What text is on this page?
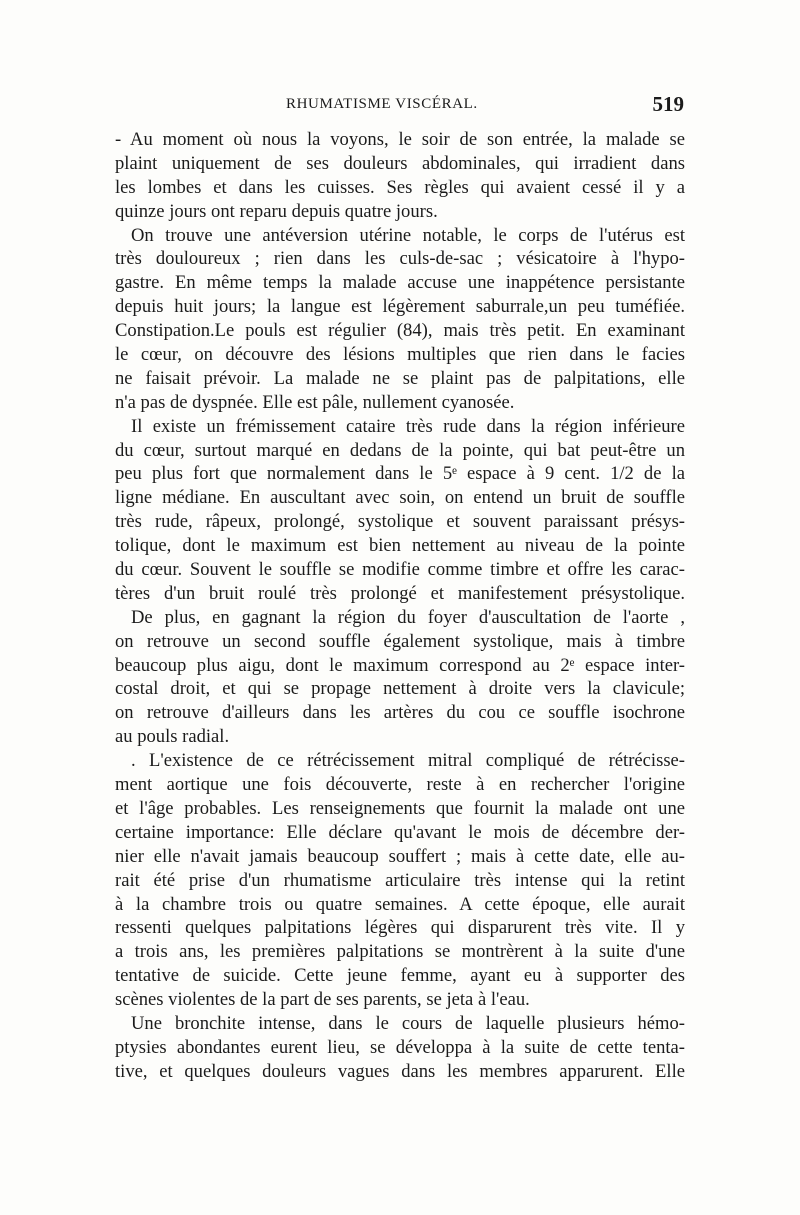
RHUMATISME VISCÉRAL.	519
- Au moment où nous la voyons, le soir de son entrée, la malade se
plaint uniquement de ses douleurs abdominales, qui irradient dans
les lombes et dans les cuisses. Ses règles qui avaient cessé il y a
quinze jours ont reparu depuis quatre jours.
On trouve une antéversion utérine notable, le corps de l'utérus est
très douloureux ; rien dans les culs-de-sac ; vésicatoire à l'hypo-
gastre. En même temps la malade accuse une inappétence persistante
depuis huit jours; la langue est légèrement saburrale,un peu tuméfiée.
Constipation.Le pouls est régulier (84), mais très petit. En examinant
le cœur, on découvre des lésions multiples que rien dans le facies
ne faisait prévoir. La malade ne se plaint pas de palpitations, elle
n'a pas de dyspnée. Elle est pâle, nullement cyanosée.
Il existe un frémissement cataire très rude dans la région inférieure
du cœur, surtout marqué en dedans de la pointe, qui bat peut-être un
peu plus fort que normalement dans le 5ᵉ espace à 9 cent. 1/2 de la
ligne médiane. En auscultant avec soin, on entend un bruit de souffle
très rude, râpeux, prolongé, systolique et souvent paraissant présys-
tolique, dont le maximum est bien nettement au niveau de la pointe
du cœur. Souvent le souffle se modifie comme timbre et offre les carac-
tères d'un bruit roulé très prolongé et manifestement présystolique.
De plus, en gagnant la région du foyer d'auscultation de l'aorte ,
on retrouve un second souffle également systolique, mais à timbre
beaucoup plus aigu, dont le maximum correspond au 2ᵉ espace inter-
costal droit, et qui se propage nettement à droite vers la clavicule;
on retrouve d'ailleurs dans les artères du cou ce souffle isochrone
au pouls radial.
. L'existence de ce rétrécissement mitral compliqué de rétrécisse-
ment aortique une fois découverte, reste à en rechercher l'origine
et l'âge probables. Les renseignements que fournit la malade ont une
certaine importance: Elle déclare qu'avant le mois de décembre der-
nier elle n'avait jamais beaucoup souffert ; mais à cette date, elle au-
rait été prise d'un rhumatisme articulaire très intense qui la retint
à la chambre trois ou quatre semaines. A cette époque, elle aurait
ressenti quelques palpitations légères qui disparurent très vite. Il y
a trois ans, les premières palpitations se montrèrent à la suite d'une
tentative de suicide. Cette jeune femme, ayant eu à supporter des
scènes violentes de la part de ses parents, se jeta à l'eau.
Une bronchite intense, dans le cours de laquelle plusieurs hémo-
ptysies abondantes eurent lieu, se développa à la suite de cette tenta-
tive, et quelques douleurs vagues dans les membres apparurent. Elle
